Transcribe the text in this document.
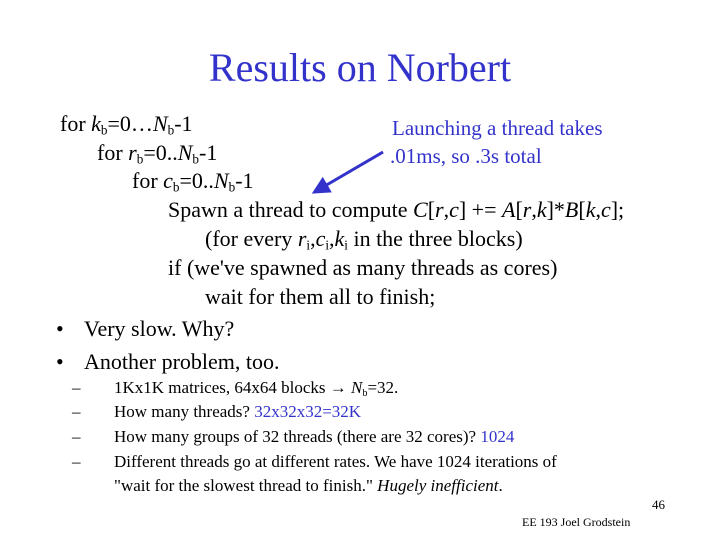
Results on Norbert
for $k_b=0\dots N_b-1$
for $r_b=0..N_b-1$
for $c_b=0..N_b-1$
Spawn a thread to compute C[r,c] += A[r,k]*B[k,c];
(for every $r_i,c_i,k_i$ in the three blocks)
if (we've spawned as many threads as cores)
wait for them all to finish;
Launching a thread takes
.01ms, so .3s total
• Very slow. Why?
• Another problem, too.
– 1Kx1K matrices, 64x64 blocks → $N_b=32$.
– How many threads? 32x32x32=32K
– How many groups of 32 threads (there are 32 cores)? 1024
– Different threads go at different rates. We have 1024 iterations of
"wait for the slowest thread to finish." Hugely inefficient.
46
EE 193 Joel Grodstein
